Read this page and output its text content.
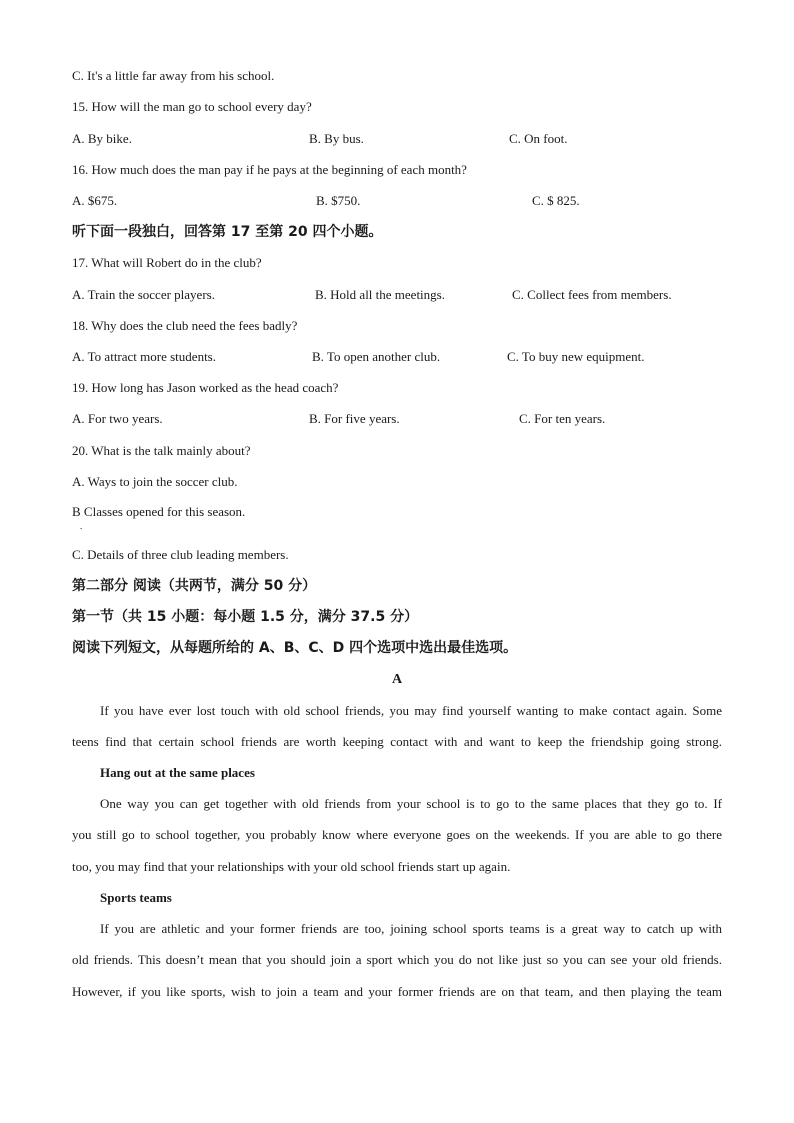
C. It's a little far away from his school.
15. How will the man go to school every day?
A. By bike.	B. By bus.	C. On foot.
16. How much does the man pay if he pays at the beginning of each month?
A. $675.	B. $750.	C. $ 825.
听下面一段独白，回答第 17 至第 20 四个小题。
17. What will Robert do in the club?
A. Train the soccer players.	B. Hold all the meetings.	C. Collect fees from members.
18. Why does the club need the fees badly?
A. To attract more students.	B. To open another club.	C. To buy new equipment.
19. How long has Jason worked as the head coach?
A. For two years.	B. For five years.	C. For ten years.
20. What is the talk mainly about?
A. Ways to join the soccer club.
B Classes opened for this season.
.
C. Details of three club leading members.
第二部分 阅读（共两节，满分 50 分）
第一节（共 15 小题：每小题 1.5 分，满分 37.5 分）
阅读下列短文，从每题所给的 A、B、C、D 四个选项中选出最佳选项。
A
If you have ever lost touch with old school friends, you may find yourself wanting to make contact again. Some
teens find that certain school friends are worth keeping contact with and want to keep the friendship going strong.
Hang out at the same places
One way you can get together with old friends from your school is to go to the same places that they go to. If
you still go to school together, you probably know where everyone goes on the weekends. If you are able to go there
too, you may find that your relationships with your old school friends start up again.
Sports teams
If you are athletic and your former friends are too, joining school sports teams is a great way to catch up with
old friends. This doesn’t mean that you should join a sport which you do not like just so you can see your old friends.
However, if you like sports, wish to join a team and your former friends are on that team, and then playing the team
